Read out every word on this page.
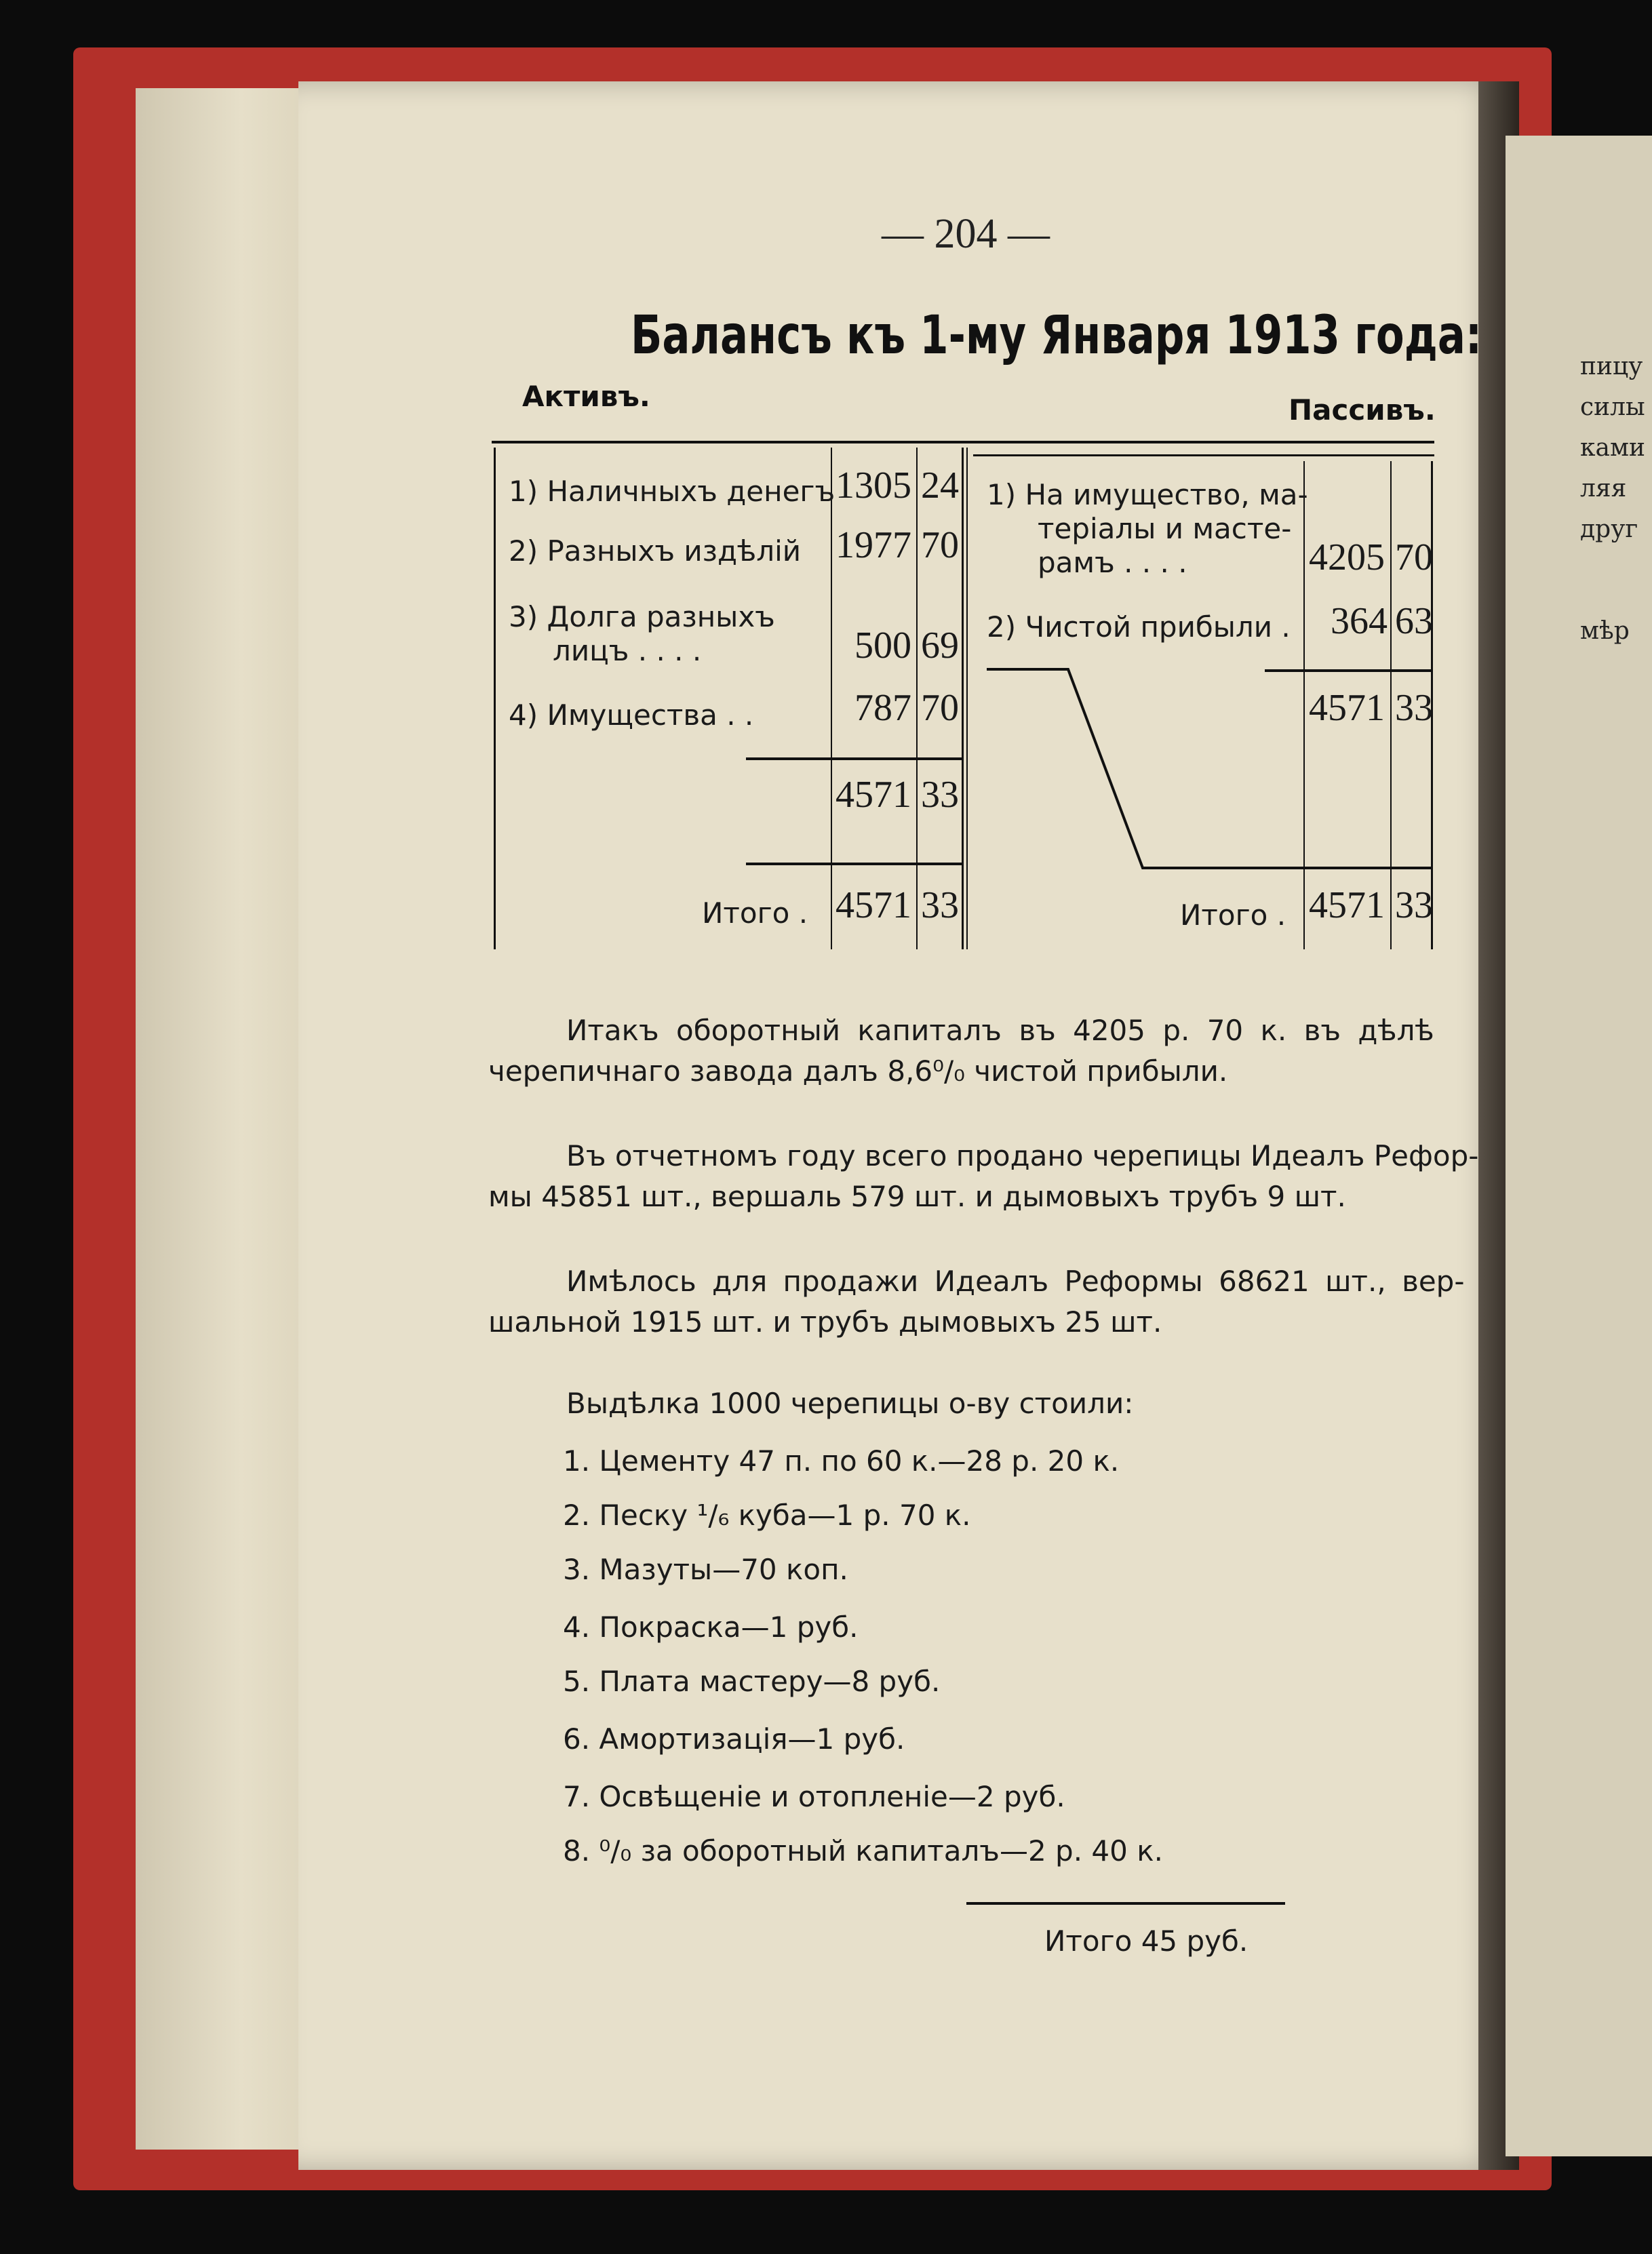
пицу
силы
ками
ляя
друг
мѣр
— 204 —
Балансъ къ 1-му Января 1913 года:
Активъ.	Пассивъ.
1) Наличныхъ денегъ 1305 24
2) Разныхъ издѣлій 1977 70
3) Долга разныхъ
лицъ . . . .	500 69
4) Имущества . .	787 70
4571 33
Итого . 4571 33
1) На имущество, ма-
теріалы и масте-
рамъ . . . .	4205 70
2) Чистой прибыли . 364 63
4571 33
Итого . 4571 33
Итакъ оборотный капиталъ въ 4205 р. 70 к. въ дѣлѣ
черепичнаго завода далъ 8,6⁰/₀ чистой прибыли.
Въ отчетномъ году всего продано черепицы Идеалъ Рефор-
мы 45851 шт., вершаль 579 шт. и дымовыхъ трубъ 9 шт.
Имѣлось для продажи Идеалъ Реформы 68621 шт., вер-
шальной 1915 шт. и трубъ дымовыхъ 25 шт.
Выдѣлка 1000 черепицы о-ву стоили:
1. Цементу 47 п. по 60 к.—28 р. 20 к.
2. Песку ¹/₆ куба—1 р. 70 к.
3. Мазуты—70 коп.
4. Покраска—1 руб.
5. Плата мастеру—8 руб.
6. Амортизація—1 руб.
7. Освѣщеніе и отопленіе—2 руб.
8. ⁰/₀ за оборотный капиталъ—2 р. 40 к.
Итого 45 руб.
